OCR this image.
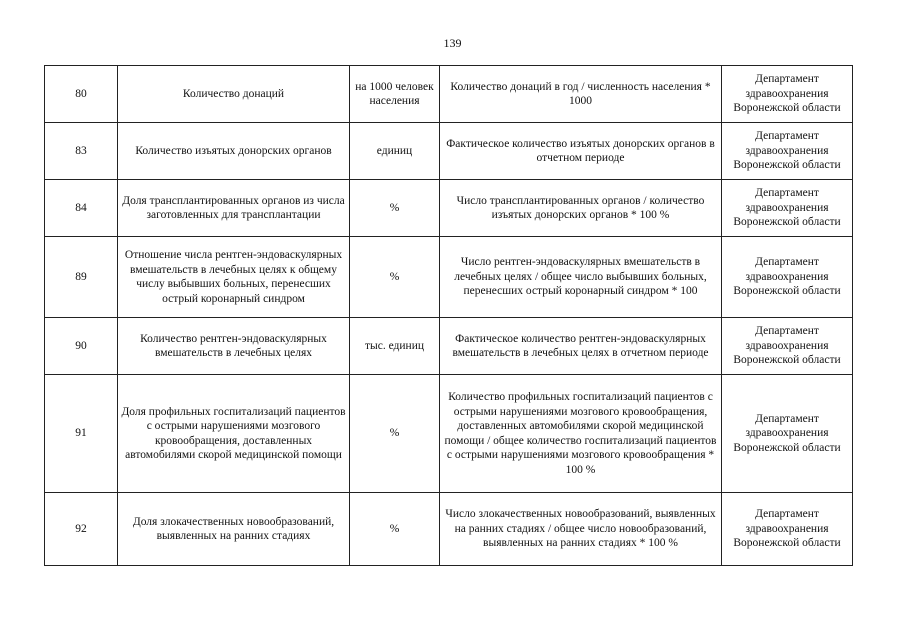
139
80	Количество донаций	на 1000 человек населения	Количество донаций в год / численность населения * 1000	Департамент здравоохранения Воронежской области
83	Количество изъятых донорских органов	единиц	Фактическое количество изъятых донорских органов в отчетном периоде	Департамент здравоохранения Воронежской области
84	Доля трансплантированных органов из числа заготовленных для трансплантации	%	Число трансплантированных органов / количество изъятых донорских органов * 100 %	Департамент здравоохранения Воронежской области
89	Отношение числа рентген-эндоваскулярных вмешательств в лечебных целях к общему числу выбывших больных, перенесших острый коронарный синдром	%	Число рентген-эндоваскулярных вмешательств в лечебных целях / общее число выбывших больных, перенесших острый коронарный синдром * 100	Департамент здравоохранения Воронежской области
90	Количество рентген-эндоваскулярных вмешательств в лечебных целях	тыс. единиц	Фактическое количество рентген-эндоваскулярных вмешательств в лечебных целях в отчетном периоде	Департамент здравоохранения Воронежской области
91	Доля профильных госпитализаций пациентов с острыми нарушениями мозгового кровообращения, доставленных автомобилями скорой медицинской помощи	%	Количество профильных госпитализаций пациентов с острыми нарушениями мозгового кровообращения, доставленных автомобилями скорой медицинской помощи / общее количество госпитализаций пациентов с острыми нарушениями мозгового кровообращения * 100 %	Департамент здравоохранения Воронежской области
92	Доля злокачественных новообразований, выявленных на ранних стадиях	%	Число злокачественных новообразований, выявленных на ранних стадиях / общее число новообразований, выявленных на ранних стадиях * 100 %	Департамент здравоохранения Воронежской области
